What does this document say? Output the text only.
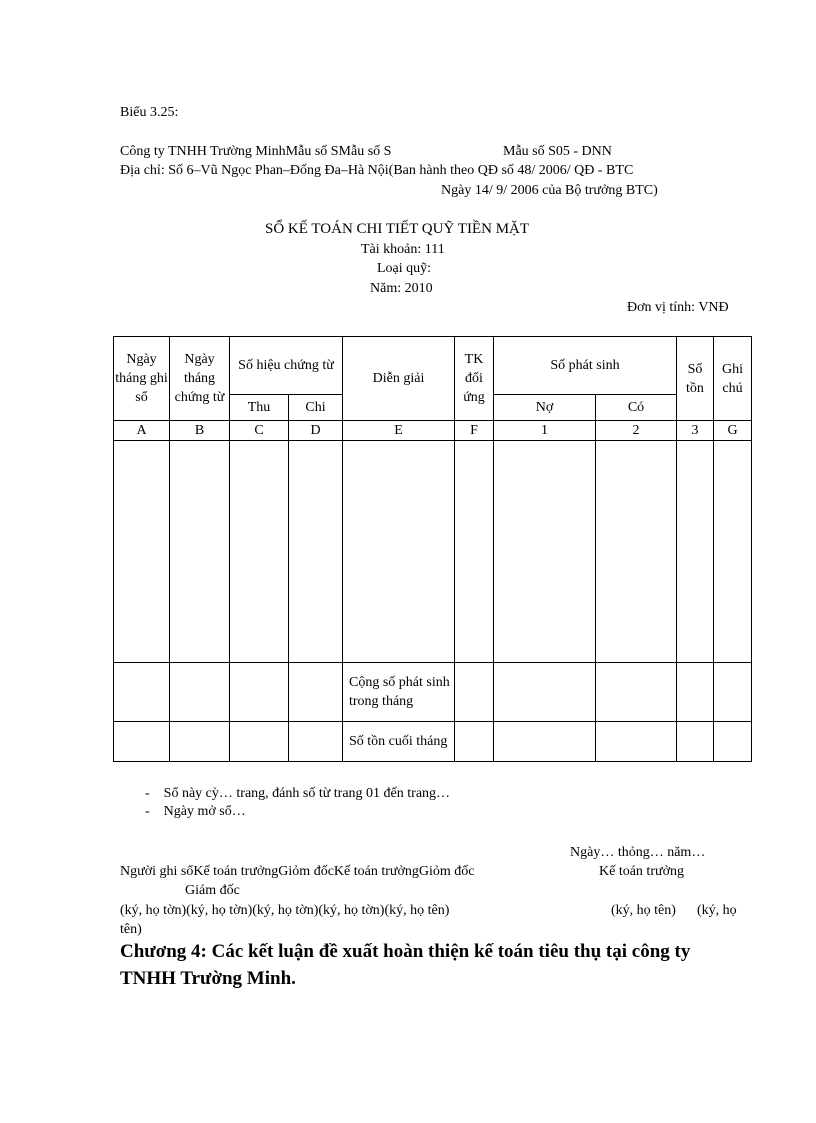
Biểu 3.25:
Công ty TNHH Trường MinhMẫu số SMẫu số S	Mẫu số S05 - DNN
Địa chỉ: Số 6–Vũ Ngọc Phan–Đống Đa–Hà Nội(Ban hành theo QĐ số 48/ 2006/ QĐ - BTC
Ngày 14/ 9/ 2006 của Bộ trưởng BTC)
SỔ KẾ TOÁN CHI TIẾT QUỸ TIỀN MẶT
Tài khoản: 111
Loại quỹ:
Năm: 2010
Đơn vị tính: VNĐ
Ngày tháng ghi sổ	Ngày tháng chứng từ	Số hiệu chứng từ		Diễn giải	TK đối ứng	Số phát sinh		Số tồn	Ghi chú
		Thu	Chi			Nợ	Có		
A	B	C	D	E	F	1	2	3	G

				Cộng số phát sinh trong tháng					
				Số tồn cuối tháng					
-    Sổ này cỳ… trang, đánh số từ trang 01 đến trang…
-    Ngày mở sổ…
Ngày… thỏng… năm…
Người ghi sổKế toán trưởngGiỏm đốcKế toán trưởngGiỏm đốc	Kế toán trưởng
Giám đốc
(ký, họ tờn)(ký, họ tờn)(ký, họ tờn)(ký, họ tờn)(ký, họ tên)	(ký, họ tên) (ký, họ
tên)
Chương 4: Các kết luận đề xuất hoàn thiện kế toán tiêu thụ tại công ty
TNHH Trường Minh.
